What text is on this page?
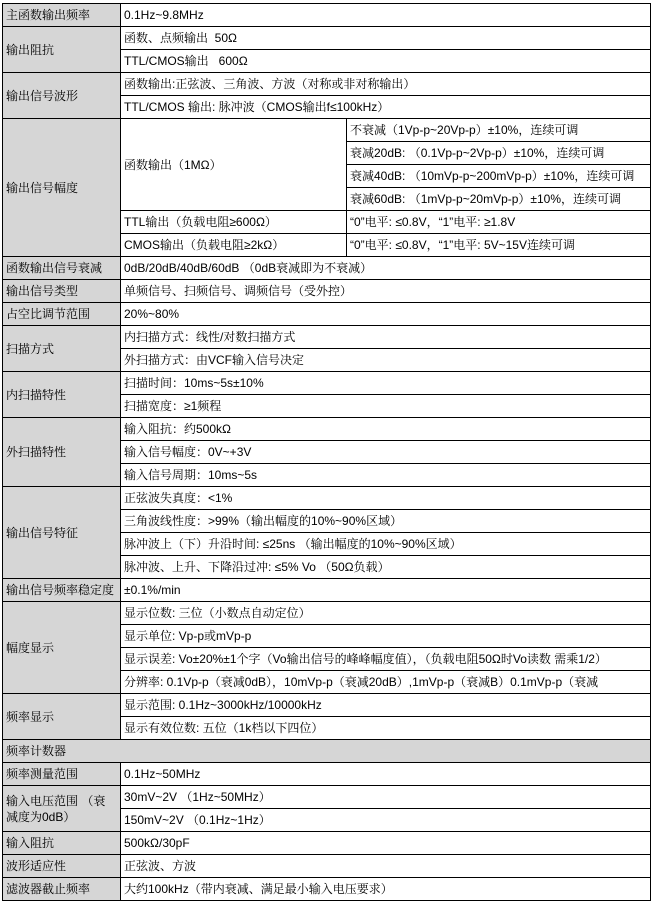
主函数输出频率	0.1Hz~9.8MHz	
输出阻抗	函数、点频输出  50Ω	
	TTL/CMOS输出   600Ω	
输出信号波形	函数输出:正弦波、三角波、方波（对称或非对称输出）	
	TTL/CMOS 输出: 脉冲波（CMOS输出f≤100kHz）	
输出信号幅度	函数输出（1MΩ）	不衰减（1Vp-p~20Vp-p）±10%，连续可调
		衰减20dB: （0.1Vp-p~2Vp-p）±10%，连续可调
		衰减40dB: （10mVp-p~200mVp-p）±10%，连续可调
		衰减60dB: （1mVp-p~20mVp-p）±10%，连续可调
	TTL输出（负载电阻≥600Ω）	“0”电平: ≤0.8V，“1”电平: ≥1.8V
	CMOS输出（负载电阻≥2kΩ）	“0”电平: ≤0.8V，“1”电平: 5V~15V连续可调
函数输出信号衰减	0dB/20dB/40dB/60dB （0dB衰减即为不衰减）	
输出信号类型	单频信号、扫频信号、调频信号（受外控）	
占空比调节范围	20%~80%	
扫描方式	内扫描方式：线性/对数扫描方式	
	外扫描方式：由VCF输入信号决定	
内扫描特性	扫描时间：10ms~5s±10%	
	扫描宽度：≥1频程	
外扫描特性	输入阻抗：约500kΩ	
	输入信号幅度：0V~+3V	
	输入信号周期：10ms~5s	
输出信号特征	正弦波失真度：<1%	
	三角波线性度：>99%（输出幅度的10%~90%区域）	
	脉冲波上（下）升沿时间: ≤25ns （输出幅度的10%~90%区域）	
	脉冲波、上升、下降沿过冲: ≤5% Vo （50Ω负载）	
输出信号频率稳定度	±0.1%/min	
幅度显示	显示位数: 三位（小数点自动定位）	
	显示单位: Vp-p或mVp-p	
	显示误差: Vo±20%±1个字（Vo输出信号的峰峰幅度值），（负载电阻50Ω时Vo读数 需乘1/2）	
	分辨率: 0.1Vp-p（衰减0dB），10mVp-p（衰减20dB）,1mVp-p（衰减B）0.1mVp-p（衰减	
频率显示	显示范围: 0.1Hz~3000kHz/10000kHz	
	显示有效位数: 五位（1k档以下四位）	
频率计数器		
频率测量范围	0.1Hz~50MHz	
输入电压范围 （衰减度为0dB）	30mV~2V （1Hz~50MHz）	
	150mV~2V （0.1Hz~1Hz）	
输入阻抗	500kΩ/30pF	
波形适应性	正弦波、方波	
滤波器截止频率	大约100kHz（带内衰减、满足最小输入电压要求）	
